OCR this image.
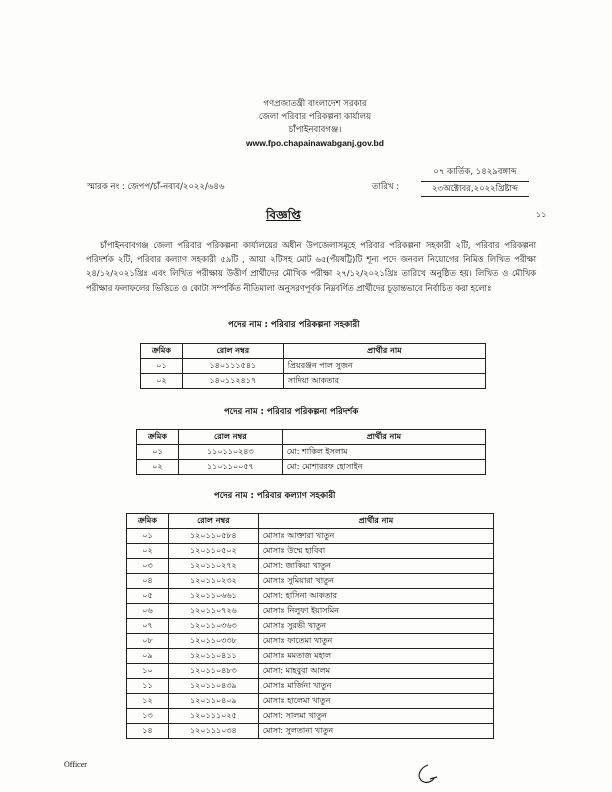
গণপ্রজাতন্ত্রী বাংলাদেশ সরকার
জেলা পরিবার পরিকল্পনা কার্যালয়
চাঁপাইনবাবগঞ্জ।
www.fpo.chapainawabganj.gov.bd
স্মারক নং : জেপপ/চাঁ-নবাব/২০২২/৬৪৬	তারিখ :
০৭ কার্তিক, ১৪২৯বঙ্গাব্দ
২৩অক্টোবর,২০২২খ্রিষ্টাব্দ
বিজ্ঞপ্তি	১১
চাঁপাইনবাবগঞ্জ জেলা পরিবার পরিকল্পনা কার্যালয়ের অধীন উপজেলাসমূহে পরিবার পরিকল্পনা সহকারী ২টি, পরিবার পরিকল্পনা পরিদর্শক ২টি, পরিবার কল্যাণ সহকারী ৫৯টি , আয়া ২টিসহ মোট ৬৫(পঁয়ষট্টি)টি শূন্য পদে জনবল নিয়োগের নিমিত্ত লিখিত পরীক্ষা ২৪/১২/২০২১খ্রিঃ এবং লিখিত পরীক্ষায় উত্তীর্ণ প্রার্থীদের মৌখিক পরীক্ষা ২৭/১২/২০২১খ্রিঃ তারিখে অনুষ্ঠিত হয়। লিখিত ও মৌখিক পরীক্ষার ফলাফলের ভিত্তিতে ও কোটা সম্পর্কিত নীতিমালা অনুসরণপূর্বক নিম্নবর্ণিত প্রার্থীদের চূড়ান্তভাবে নির্বাচিত করা হলোঃ
পদের নাম : পরিবার পরিকল্পনা সহকারী
ক্রমিক	রোল নম্বর	প্রার্থীর নাম
০১	১৪০১১১৫৪১	প্রিয়রঞ্জন পাল সুজন
০২	১৪০১১২৪১৭	সাদিয়া আকতার
পদের নাম : পরিবার পরিকল্পনা পরিদর্শক
ক্রমিক	রোল নম্বর	প্রার্থীর নাম
০১	১১০১১০২৪৩	মো: শাকিল ইসলাম
০২	১১০১১০০৫৭	মো: মোশাররফ হোসাইন
পদের নাম : পরিবার কল্যাণ সহকারী
ক্রমিক	রোল নম্বর	প্রার্থীর নাম
০১	১২০১১০৫৮৪	মোসাঃ আক্তারা খাতুন
০২	১২০১১০৫০২	মোসাঃ উম্মে হাবিবা
০৩	১২০১১০২৭২	মোসা: জাকিয়া খাতুন
০৪	১২০১১০২৩২	মোসাঃ সুমিয়ারা খাতুন
০৫	১২০১১০৬৬১	মোসা: হাসিনা আকতার
০৬	১২০১১০৭২৬	মোসাঃ নিলুফা ইয়াসমিন
০৭	১২০১১০৩৬৩	মোসাঃ সুরভী খাতুন
০৮	১২০১১০৩৩৮	মোসাঃ ফাতেমা খাতুন
০৯	১২০১১০৪১১	মোসাঃ মমতাজ মহাল
১০	১২০১১০৪৮৩	মোসা: মাহবুবা আলম
১১	১২০১১০৪৩৯	মোসাঃ মার্জিনা খাতুন
১২	১২০১১০৪০৯	মোসাঃ হালেমা খাতুন
১৩	১২০১১১০২৫	মোসা: সালমা খাতুন
১৪	১২০১১১০৩৪	মোসা: সুলতানা খাতুন
Officer
